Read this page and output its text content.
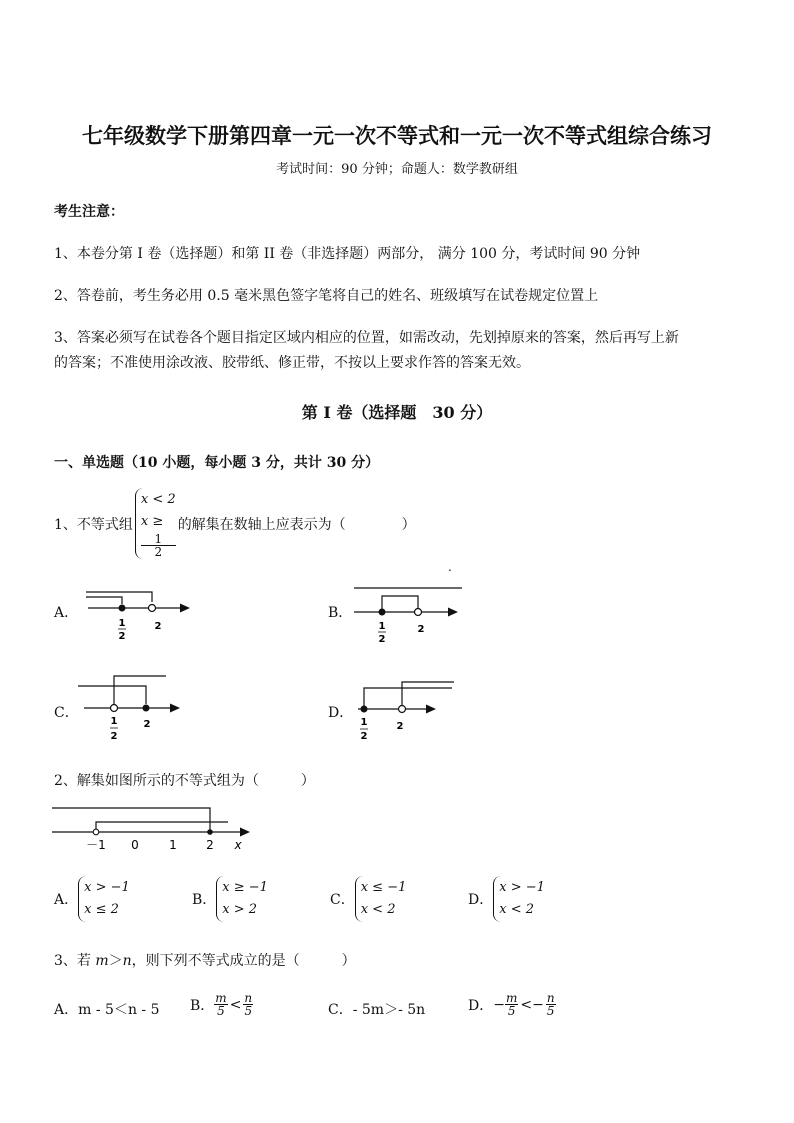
七年级数学下册第四章一元一次不等式和一元一次不等式组综合练习
考试时间：90 分钟；命题人：数学教研组
考生注意：
1、本卷分第 I 卷（选择题）和第 II 卷（非选择题）两部分， 满分 100 分，考试时间 90 分钟
2、答卷前，考生务必用 0.5 毫米黑色签字笔将自己的姓名、班级填写在试卷规定位置上
3、答案必须写在试卷各个题目指定区域内相应的位置，如需改动，先划掉原来的答案，然后再写上新
的答案；不准使用涂改液、胶带纸、修正带，不按以上要求作答的答案无效。
第 I 卷（选择题　30 分）
一、单选题（10 小题，每小题 3 分，共计 30 分）
1、不等式组
x < 2
x ≥
1
2
的解集在数轴上应表示为（　　　　）
.
A．
1
2
2
B．
1
2
2
C．
1
2
2
D．
1
2
2
2、解集如图所示的不等式组为（　　　）
－1 0	1 2 x
A．
x > −1
x ≤ 2
B．
x ≥ −1
x > 2
C．
x ≤ −1
x < 2
D．
x > −1
x < 2
3、若 m＞n，则下列不等式成立的是（　　　）
A．m - 5＜n - 5 B． $\frac{m}{5} < \frac{n}{5}$	C．- 5m＞- 5n	D． − $\frac{m}{5} <- \frac{n}{5}$
